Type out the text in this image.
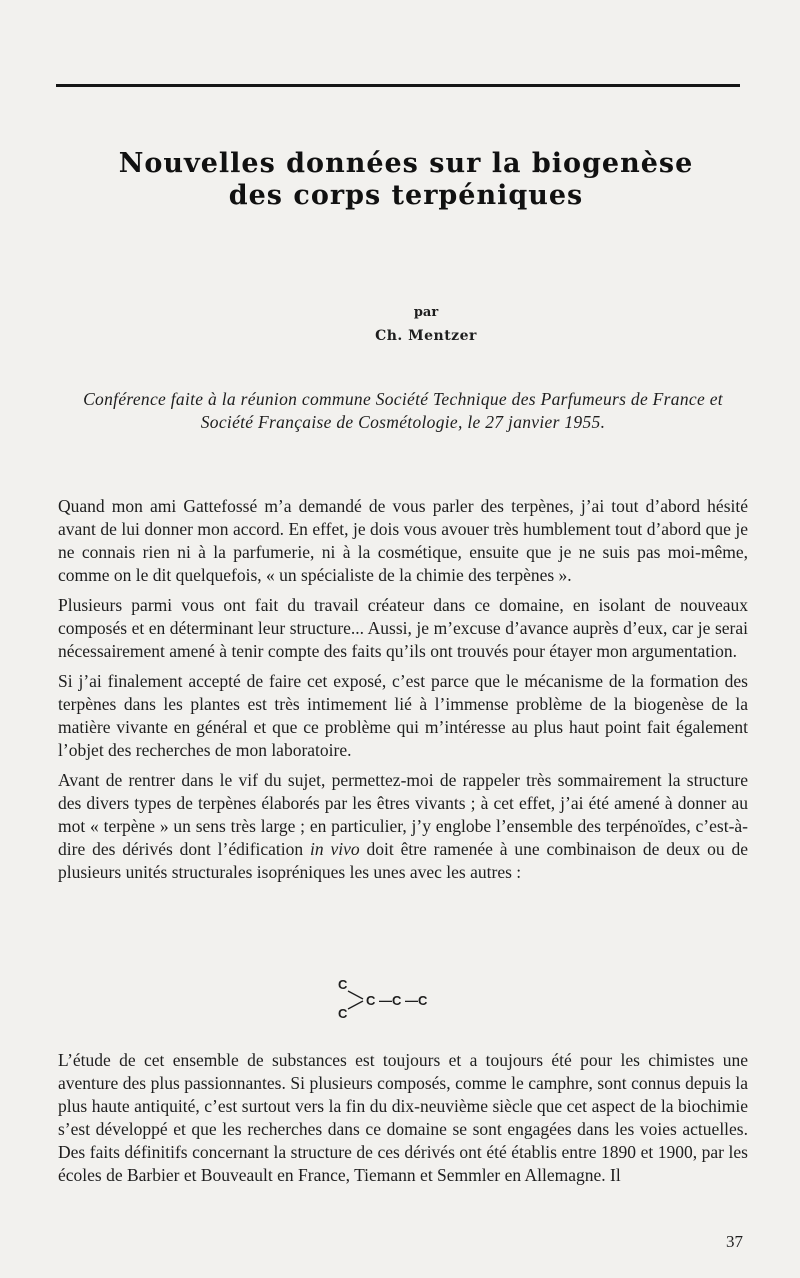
Nouvelles données sur la biogenèse
des corps terpéniques
par
Ch. Mentzer
Conférence faite à la réunion commune Société Technique des Parfumeurs de France et Société Française de Cosmétologie, le 27 janvier 1955.

Quand mon ami Gattefossé m’a demandé de vous parler des terpènes, j’ai tout d’abord hésité avant de lui donner mon accord. En effet, je dois vous avouer très humblement tout d’abord que je ne connais rien ni à la parfumerie, ni à la cosmétique, ensuite que je ne suis pas moi-même, comme on le dit quelquefois, « un spécialiste de la chimie des terpènes ».

Plusieurs parmi vous ont fait du travail créateur dans ce domaine, en isolant de nouveaux composés et en déterminant leur structure... Aussi, je m’excuse d’avance auprès d’eux, car je serai nécessairement amené à tenir compte des faits qu’ils ont trouvés pour étayer mon argumentation.

Si j’ai finalement accepté de faire cet exposé, c’est parce que le mécanisme de la formation des terpènes dans les plantes est très intimement lié à l’immense problème de la biogenèse de la matière vivante en général et que ce problème qui m’intéresse au plus haut point fait également l’objet des recherches de mon laboratoire.

Avant de rentrer dans le vif du sujet, permettez-moi de rappeler très sommairement la structure des divers types de terpènes élaborés par les êtres vivants ; à cet effet, j’ai été amené à donner au mot « terpène » un sens très large ; en particulier, j’y englobe l’ensemble des terpénoïdes, c’est-à-dire des dérivés dont l’édification in vivo doit être ramenée à une combinaison de deux ou de plusieurs unités structurales isopréniques les unes avec les autres :

C
C
C —C —C

L’étude de cet ensemble de substances est toujours et a toujours été pour les chimistes une aventure des plus passionnantes. Si plusieurs composés, comme le camphre, sont connus depuis la plus haute antiquité, c’est surtout vers la fin du dix-neuvième siècle que cet aspect de la biochimie s’est développé et que les recherches dans ce domaine se sont engagées dans les voies actuelles. Des faits définitifs concernant la structure de ces dérivés ont été établis entre 1890 et 1900, par les écoles de Barbier et Bouveault en France, Tiemann et Semmler en Allemagne. Il

37
